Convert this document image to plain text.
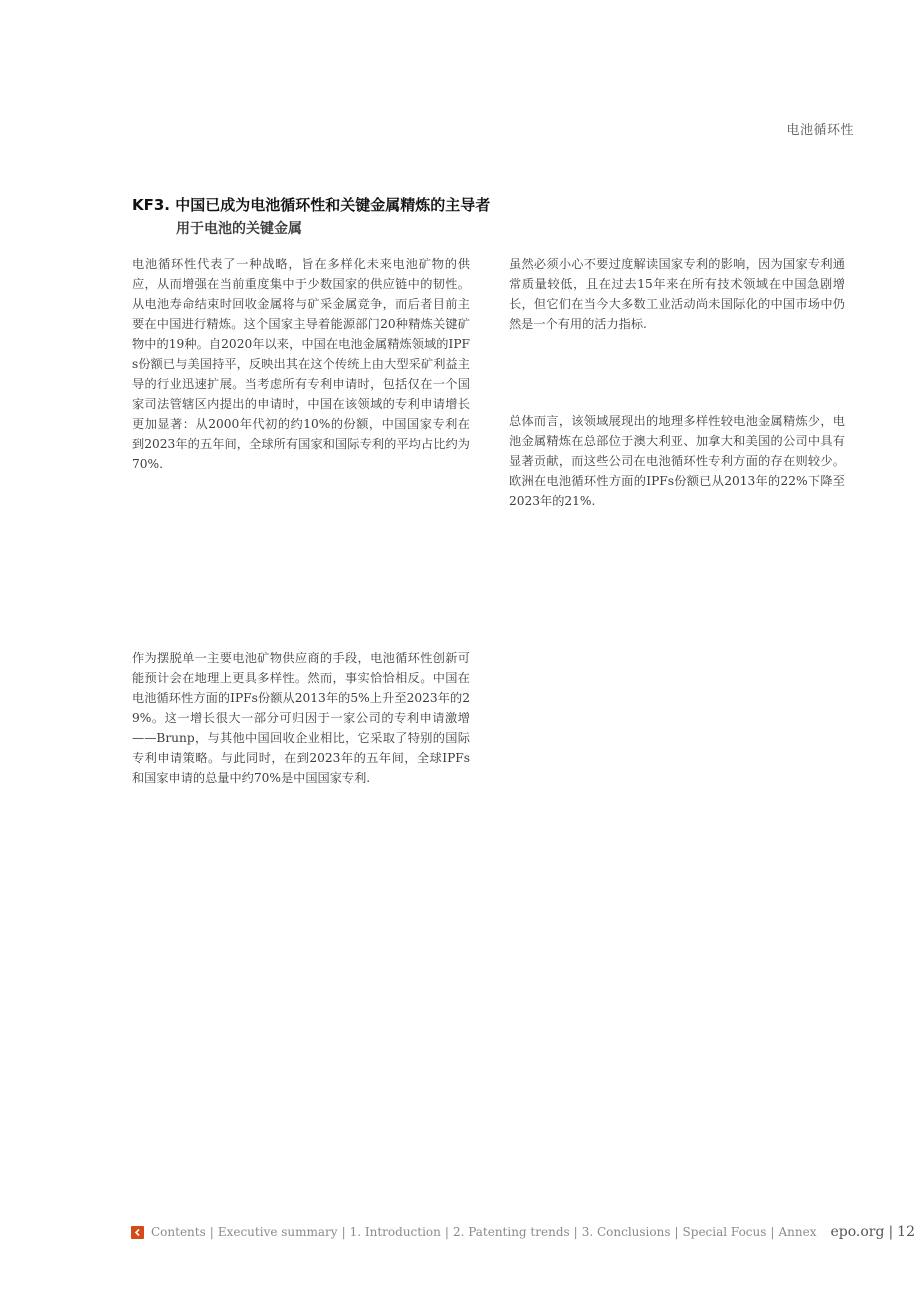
电池循环性
KF3. 中国已成为电池循环性和关键金属精炼的主导者
用于电池的关键金属

电池循环性代表了一种战略，旨在多样化未来电池矿物的供应，从而增强在当前重度集中于少数国家的供应链中的韧性。从电池寿命结束时回收金属将与矿采金属竞争，而后者目前主要在中国进行精炼。这个国家主导着能源部门20种精炼关键矿物中的19种。自2020年以来，中国在电池金属精炼领域的IPFs份额已与美国持平，反映出其在这个传统上由大型采矿利益主导的行业迅速扩展。当考虑所有专利申请时，包括仅在一个国家司法管辖区内提出的申请时，中国在该领域的专利申请增长更加显著：从2000年代初的约10%的份额，中国国家专利在到2023年的五年间，全球所有国家和国际专利的平均占比约为70%.

作为摆脱单一主要电池矿物供应商的手段，电池循环性创新可能预计会在地理上更具多样性。然而，事实恰恰相反。中国在电池循环性方面的IPFs份额从2013年的5%上升至2023年的29%。这一增长很大一部分可归因于一家公司的专利申请激增——Brunp，与其他中国回收企业相比，它采取了特别的国际专利申请策略。与此同时，在到2023年的五年间，全球IPFs和国家申请的总量中约70%是中国国家专利.

虽然必须小心不要过度解读国家专利的影响，因为国家专利通常质量较低，且在过去15年来在所有技术领域在中国急剧增长，但它们在当今大多数工业活动尚未国际化的中国市场中仍然是一个有用的活力指标.

总体而言，该领域展现出的地理多样性较电池金属精炼少，电池金属精炼在总部位于澳大利亚、加拿大和美国的公司中具有显著贡献，而这些公司在电池循环性专利方面的存在则较少。欧洲在电池循环性方面的IPFs份额已从2013年的22%下降至2023年的21%.

Contents | Executive summary | 1. Introduction | 2. Patenting trends | 3. Conclusions | Special Focus | Annex epo.org | 12
